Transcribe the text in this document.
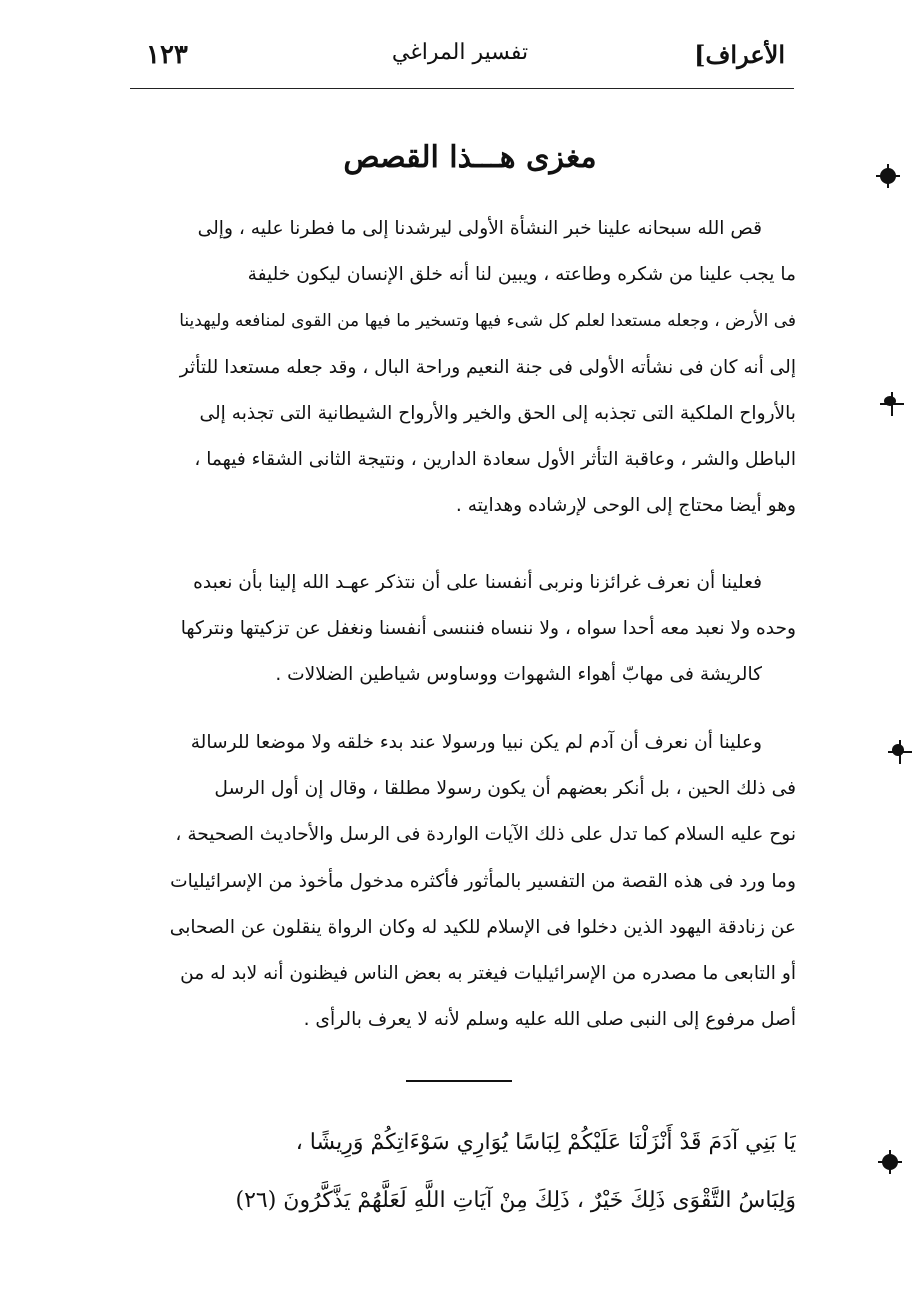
١٢٣	تفسير المراغي	الأعراف]
مغزى هـــذا القصص
قص الله سبحانه علينا خبر النشأة الأولى ليرشدنا إلى ما فطرنا عليه ، وإلى
ما يجب علينا من شكره وطاعته ، ويبين لنا أنه خلق الإنسان ليكون خليفة
فى الأرض ، وجعله مستعدا لعلم كل شىء فيها وتسخير ما فيها من القوى لمنافعه وليهدينا
إلى أنه كان فى نشأته الأولى فى جنة النعيم وراحة البال ، وقد جعله مستعدا للتأثر
بالأرواح الملكية التى تجذبه إلى الحق والخير والأرواح الشيطانية التى تجذبه إلى
الباطل والشر ، وعاقبة التأثر الأول سعادة الدارين ، ونتيجة الثانى الشقاء فيهما ،
وهو أيضا محتاج إلى الوحى لإرشاده وهدايته .
فعلينا أن نعرف غرائزنا ونربى أنفسنا على أن نتذكر عهـد الله إلينا بأن نعبده
وحده ولا نعبد معه أحدا سواه ، ولا ننساه فننسى أنفسنا ونغفل عن تزكيتها ونتركها
كالريشة فى مهابّ أهواء الشهوات ووساوس شياطين الضلالات .
وعلينا أن نعرف أن آدم لم يكن نبيا ورسولا عند بدء خلقه ولا موضعا للرسالة
فى ذلك الحين ، بل أنكر بعضهم أن يكون رسولا مطلقا ، وقال إن أول الرسل
نوح عليه السلام كما تدل على ذلك الآيات الواردة فى الرسل والأحاديث الصحيحة ،
وما ورد فى هذه القصة من التفسير بالمأثور فأكثره مدخول مأخوذ من الإسرائيليات
عن زنادقة اليهود الذين دخلوا فى الإسلام للكيد له وكان الرواة ينقلون عن الصحابى
أو التابعى ما مصدره من الإسرائيليات فيغتر به بعض الناس فيظنون أنه لابد له من
أصل مرفوع إلى النبى صلى الله عليه وسلم لأنه لا يعرف بالرأى .
يَا بَنِي آدَمَ قَدْ أَنْزَلْنَا عَلَيْكُمْ لِبَاسًا يُوَارِي سَوْءَاتِكُمْ وَرِيشًا ،
وَلِبَاسُ التَّقْوَى ذَلِكَ خَيْرٌ ، ذَلِكَ مِنْ آيَاتِ اللَّهِ لَعَلَّهُمْ يَذَّكَّرُونَ (٢٦)
